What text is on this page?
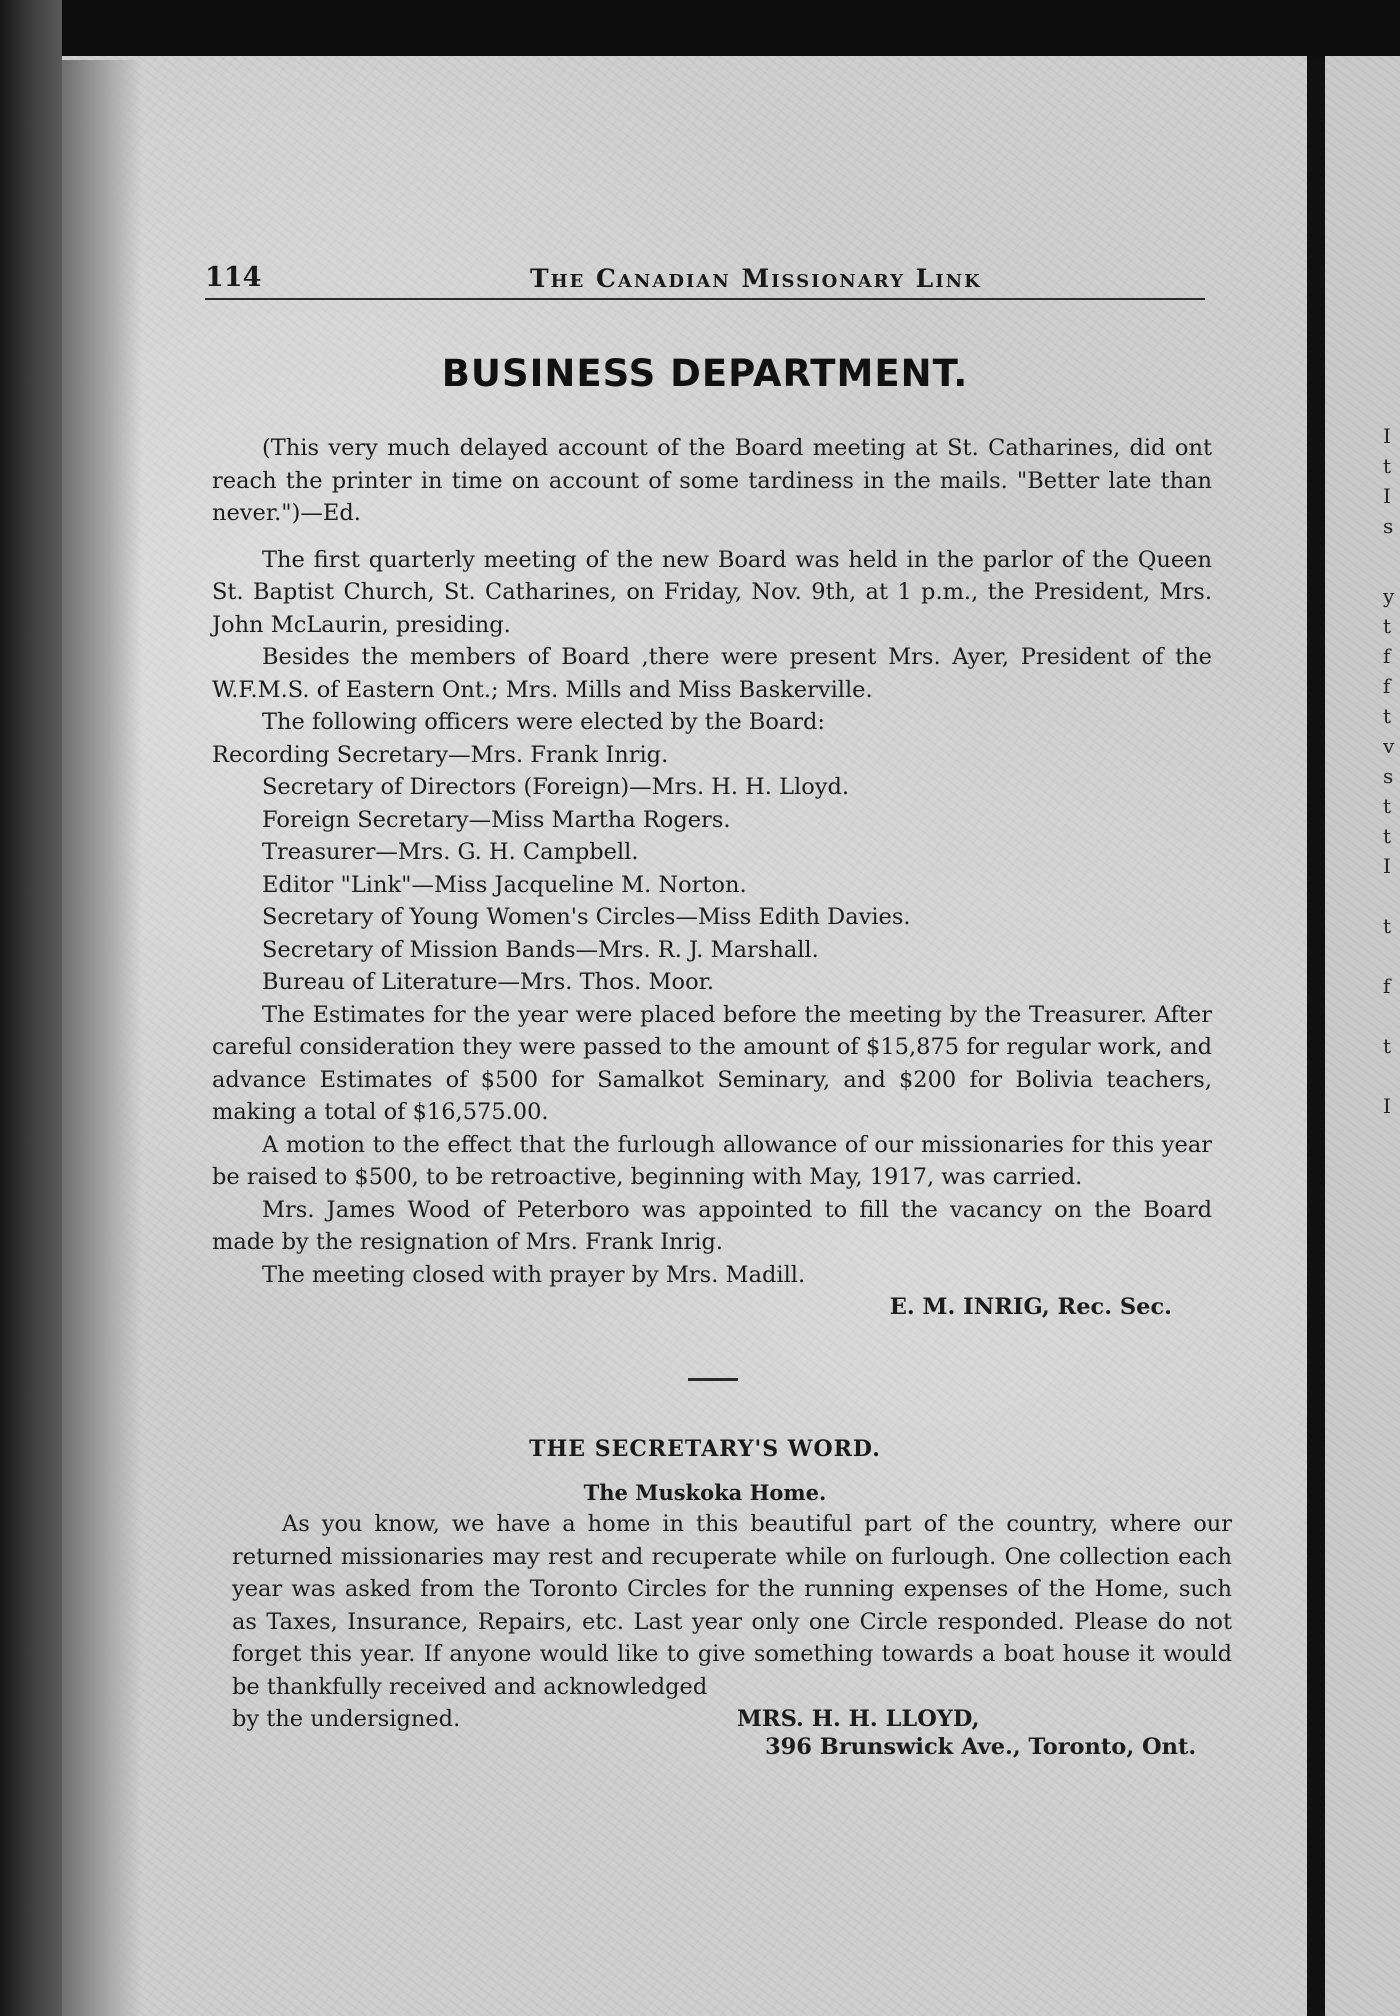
I
t
I
s
y
t
f
f
t
v
s
t
t
I
t
f
t
I
114	The Canadian Missionary Link
BUSINESS DEPARTMENT.

(This very much delayed account of the Board meeting at St. Catharines, did ont reach the printer in time on account of some tardiness in the mails. "Better late than never.")—Ed.

The first quarterly meeting of the new Board was held in the parlor of the Queen St. Baptist Church, St. Catharines, on Friday, Nov. 9th, at 1 p.m., the President, Mrs. John McLaurin, presiding.

Besides the members of Board ,there were present Mrs. Ayer, President of the W.F.M.S. of Eastern Ont.; Mrs. Mills and Miss Baskerville.

The following officers were elected by the Board:

Recording Secretary—Mrs. Frank Inrig.

Secretary of Directors (Foreign)—Mrs. H. H. Lloyd.

Foreign Secretary—Miss Martha Rogers.

Treasurer—Mrs. G. H. Campbell.

Editor "Link"—Miss Jacqueline M. Norton.

Secretary of Young Women's Circles—Miss Edith Davies.

Secretary of Mission Bands—Mrs. R. J. Marshall.

Bureau of Literature—Mrs. Thos. Moor.

The Estimates for the year were placed before the meeting by the Treasurer. After careful consideration they were passed to the amount of $15,875 for regular work, and advance Estimates of $500 for Samalkot Seminary, and $200 for Bolivia teachers, making a total of $16,575.00.

A motion to the effect that the furlough allowance of our missionaries for this year be raised to $500, to be retroactive, beginning with May, 1917, was carried.

Mrs. James Wood of Peterboro was appointed to fill the vacancy on the Board made by the resignation of Mrs. Frank Inrig.

The meeting closed with prayer by Mrs. Madill.

E. M. INRIG, Rec. Sec.

THE SECRETARY'S WORD.
The Muskoka Home.

As you know, we have a home in this beautiful part of the country, where our returned missionaries may rest and recuperate while on furlough. One collection each year was asked from the Toronto Circles for the running expenses of the Home, such as Taxes, Insurance, Repairs, etc. Last year only one Circle responded. Please do not forget this year. If anyone would like to give something towards a boat house it would be thankfully received and acknowledged

by the undersigned.	MRS. H. H. LLOYD,
396 Brunswick Ave., Toronto, Ont.
